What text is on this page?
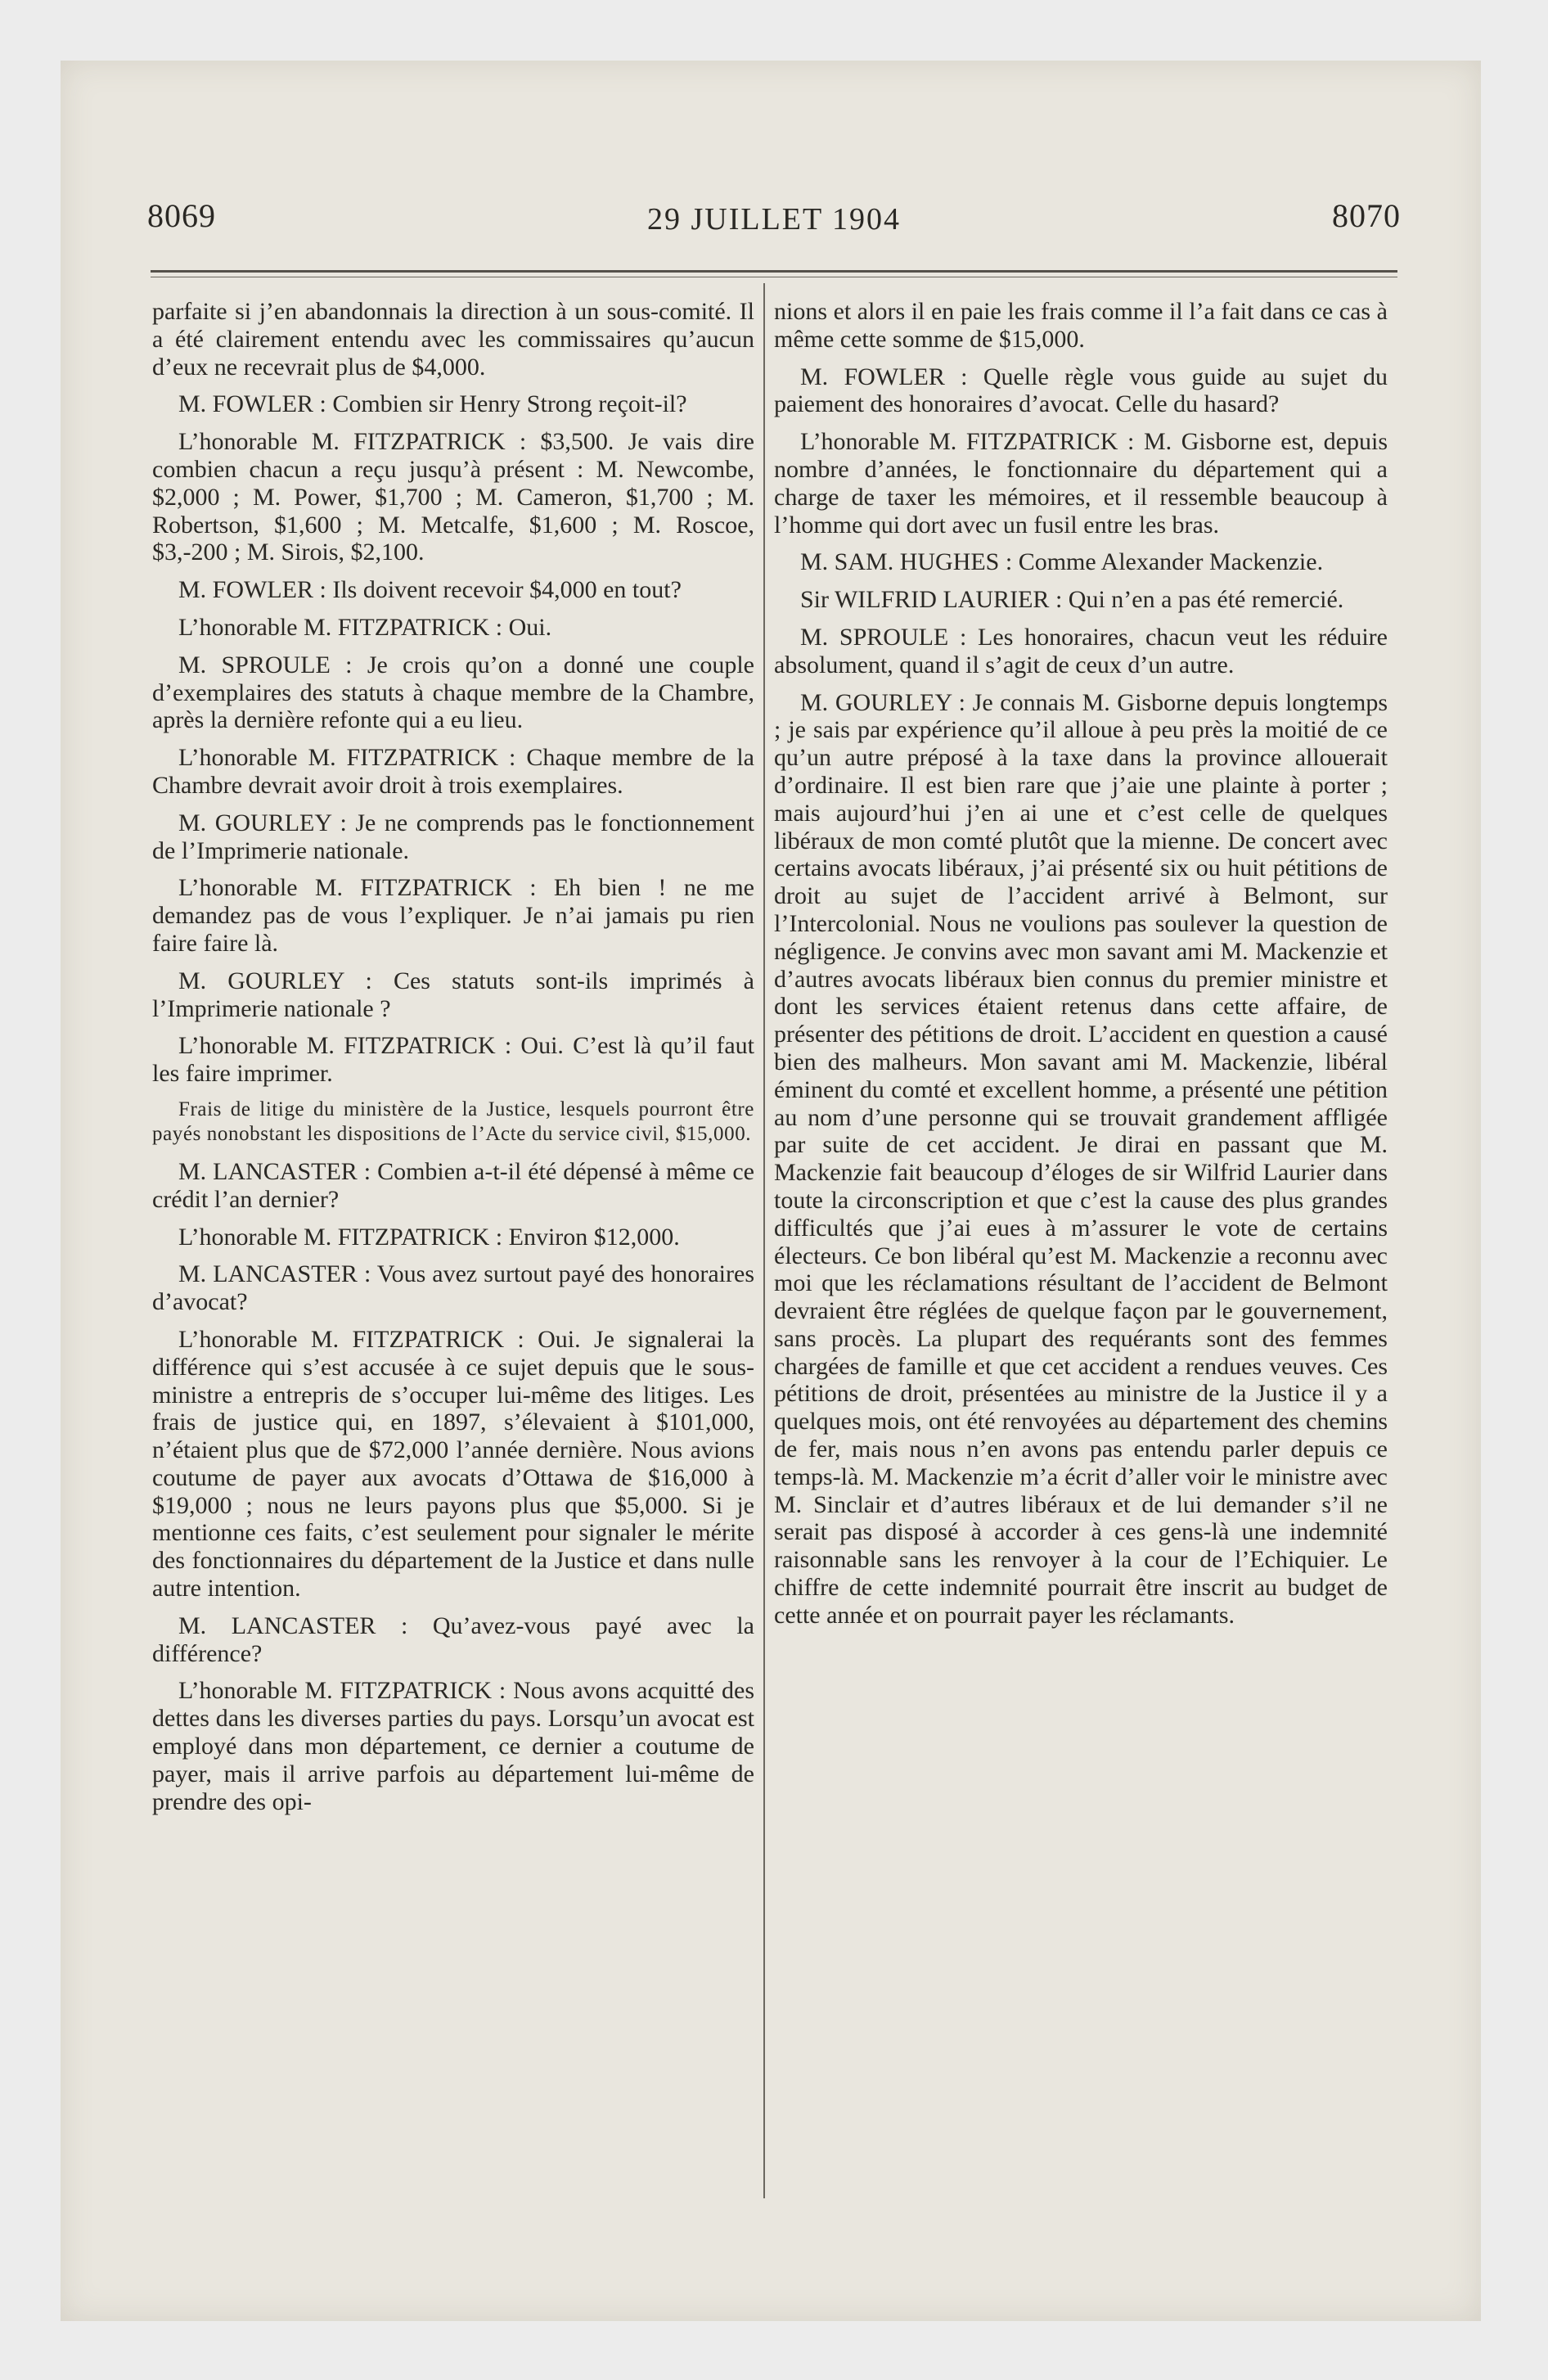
8069	29 JUILLET 1904	8070

parfaite si j’en abandonnais la direction à un sous-comité. Il a été clairement entendu avec les commissaires qu’aucun d’eux ne recevrait plus de $4,000.

M. FOWLER : Combien sir Henry Strong reçoit-il?

L’honorable M. FITZPATRICK : $3,500. Je vais dire combien chacun a reçu jusqu’à présent : M. Newcombe, $2,000 ; M. Power, $1,700 ; M. Cameron, $1,700 ; M. Robertson, $1,600 ; M. Metcalfe, $1,600 ; M. Roscoe, $3,-200 ; M. Sirois, $2,100.

M. FOWLER : Ils doivent recevoir $4,000 en tout?

L’honorable M. FITZPATRICK : Oui.

M. SPROULE : Je crois qu’on a donné une couple d’exemplaires des statuts à chaque membre de la Chambre, après la dernière refonte qui a eu lieu.

L’honorable M. FITZPATRICK : Chaque membre de la Chambre devrait avoir droit à trois exemplaires.

M. GOURLEY : Je ne comprends pas le fonctionnement de l’Imprimerie nationale.

L’honorable M. FITZPATRICK : Eh bien ! ne me demandez pas de vous l’expliquer. Je n’ai jamais pu rien faire faire là.

M. GOURLEY : Ces statuts sont-ils imprimés à l’Imprimerie nationale ?

L’honorable M. FITZPATRICK : Oui. C’est là qu’il faut les faire imprimer.

Frais de litige du ministère de la Justice, lesquels pourront être payés nonobstant les dispositions de l’Acte du service civil, $15,000.

M. LANCASTER : Combien a-t-il été dépensé à même ce crédit l’an dernier?

L’honorable M. FITZPATRICK : Environ $12,000.

M. LANCASTER : Vous avez surtout payé des honoraires d’avocat?

L’honorable M. FITZPATRICK : Oui. Je signalerai la différence qui s’est accusée à ce sujet depuis que le sous-ministre a entrepris de s’occuper lui-même des litiges. Les frais de justice qui, en 1897, s’élevaient à $101,000, n’étaient plus que de $72,000 l’année dernière. Nous avions coutume de payer aux avocats d’Ottawa de $16,000 à $19,000 ; nous ne leurs payons plus que $5,000. Si je mentionne ces faits, c’est seulement pour signaler le mérite des fonctionnaires du département de la Justice et dans nulle autre intention.

M. LANCASTER : Qu’avez-vous payé avec la différence?

L’honorable M. FITZPATRICK : Nous avons acquitté des dettes dans les diverses parties du pays. Lorsqu’un avocat est employé dans mon département, ce dernier a coutume de payer, mais il arrive parfois au département lui-même de prendre des opi-

nions et alors il en paie les frais comme il l’a fait dans ce cas à même cette somme de $15,000.

M. FOWLER : Quelle règle vous guide au sujet du paiement des honoraires d’avocat. Celle du hasard?

L’honorable M. FITZPATRICK : M. Gisborne est, depuis nombre d’années, le fonctionnaire du département qui a charge de taxer les mémoires, et il ressemble beaucoup à l’homme qui dort avec un fusil entre les bras.

M. SAM. HUGHES : Comme Alexander Mackenzie.

Sir WILFRID LAURIER : Qui n’en a pas été remercié.

M. SPROULE : Les honoraires, chacun veut les réduire absolument, quand il s’agit de ceux d’un autre.

M. GOURLEY : Je connais M. Gisborne depuis longtemps ; je sais par expérience qu’il alloue à peu près la moitié de ce qu’un autre préposé à la taxe dans la province allouerait d’ordinaire. Il est bien rare que j’aie une plainte à porter ; mais aujourd’hui j’en ai une et c’est celle de quelques libéraux de mon comté plutôt que la mienne. De concert avec certains avocats libéraux, j’ai présenté six ou huit pétitions de droit au sujet de l’accident arrivé à Belmont, sur l’Intercolonial. Nous ne voulions pas soulever la question de négligence. Je convins avec mon savant ami M. Mackenzie et d’autres avocats libéraux bien connus du premier ministre et dont les services étaient retenus dans cette affaire, de présenter des pétitions de droit. L’accident en question a causé bien des malheurs. Mon savant ami M. Mackenzie, libéral éminent du comté et excellent homme, a présenté une pétition au nom d’une personne qui se trouvait grandement affligée par suite de cet accident. Je dirai en passant que M. Mackenzie fait beaucoup d’éloges de sir Wilfrid Laurier dans toute la circonscription et que c’est la cause des plus grandes difficultés que j’ai eues à m’assurer le vote de certains électeurs. Ce bon libéral qu’est M. Mackenzie a reconnu avec moi que les réclamations résultant de l’accident de Belmont devraient être réglées de quelque façon par le gouvernement, sans procès. La plupart des requérants sont des femmes chargées de famille et que cet accident a rendues veuves. Ces pétitions de droit, présentées au ministre de la Justice il y a quelques mois, ont été renvoyées au département des chemins de fer, mais nous n’en avons pas entendu parler depuis ce temps-là. M. Mackenzie m’a écrit d’aller voir le ministre avec M. Sinclair et d’autres libéraux et de lui demander s’il ne serait pas disposé à accorder à ces gens-là une indemnité raisonnable sans les renvoyer à la cour de l’Echiquier. Le chiffre de cette indemnité pourrait être inscrit au budget de cette année et on pourrait payer les réclamants.
